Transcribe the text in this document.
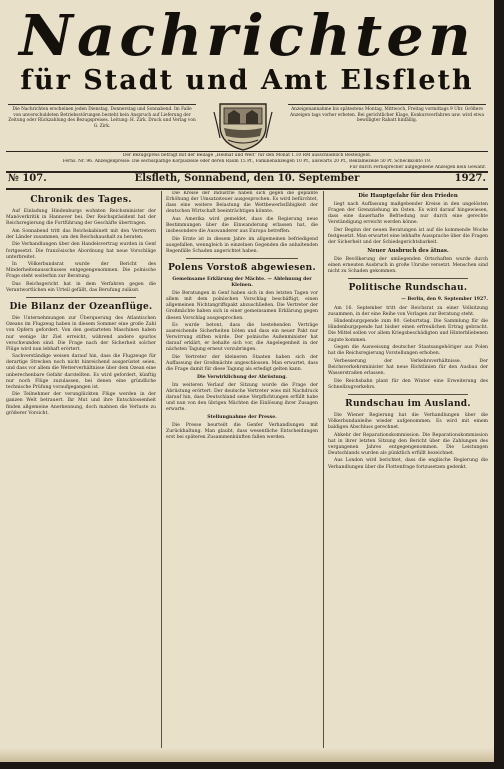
Nachrichten
für Stadt und Amt Elsfleth
Die Nachrichten erscheinen jeden Dienstag, Donnerstag und Sonnabend. Im Falle von unverschuldeten Betriebsstörungen besteht kein Anspruch auf Lieferung der Zeitung oder Rückzahlung des Bezugspreises. Leitung: H. Zirk. Druck und Verlag von G. Zirk.
Anzeigenannahme bis spätestens Montag, Mittwoch, Freitag vormittags 9 Uhr. Größere Anzeigen tags vorher erbeten. Bei gerichtlicher Klage, Konkursverfahren usw. wird etwa bewilligter Rabatt hinfällig.
Der Bezugspreis beträgt mit der Beilage „Heimat und Welt“ für den Monat 1.10 RM ausschließlich Bestellgeld.
Ferns. Nr. 96. Anzeigenpreise: Die sechsspaltige Korpuszeile oder deren Raum 15 Pf., Familienanzeigen 10 Pf., auswärts 20 Pf., Reklamezeile 50 Pf. Scheckkonto 19.
Für durch Fernsprecher aufgegebene Anzeigen kein Gewähr.
№ 107.	Elsfleth, Sonnabend, den 10. September	1927.
Chronik des Tages.

Auf Einladung Hindenburgs wohnten Reichsminister der Manöverkritik in Hannover bei. Der Reichspräsident hat der Reichsregierung die Fortführung der Geschäfte übertragen.

Am Sonnabend tritt das Reichskabinett mit den Vertretern der Länder zusammen, um den Reichshaushalt zu beraten.

Die Verhandlungen über den Handelsvertrag wurden in Genf fortgesetzt. Die französische Abordnung hat neue Vorschläge unterbreitet.

In Völkerbundsrat wurde der Bericht des Minderheitenausschusses entgegengenommen. Die polnische Frage steht weiterhin zur Beratung.

Das Reichsgericht hat in dem Verfahren gegen die Verantwortlichen ein Urteil gefällt, das Berufung zulässt.

Die Bilanz der Ozeanflüge.

Die Unternehmungen zur Überquerung des Atlantischen Ozeans im Flugzeug haben in diesem Sommer eine große Zahl von Opfern gefordert. Von den gestarteten Maschinen haben nur wenige ihr Ziel erreicht, während andere spurlos verschwunden sind. Die Frage nach der Sicherheit solcher Flüge wird nun lebhaft erörtert.

Sachverständige weisen darauf hin, dass die Flugzeuge für derartige Strecken noch nicht hinreichend ausgerüstet seien, und dass vor allem die Wetterverhältnisse über dem Ozean eine unberechenbare Gefahr darstellten. Es wird gefordert, künftig nur noch Flüge zuzulassen, bei denen eine gründliche technische Prüfung voraufgegangen ist.

Die Teilnehmer der verunglückten Flüge werden in der ganzen Welt betrauert. Ihr Mut und ihre Entschlossenheit finden allgemeine Anerkennung, doch mahnen die Verluste zu größerer Vorsicht.

Die Kreise der Industrie haben sich gegen die geplante Erhöhung der Umsatzsteuer ausgesprochen. Es wird befürchtet, dass eine weitere Belastung die Wettbewerbsfähigkeit der deutschen Wirtschaft beeinträchtigen könnte.

Aus Amerika wird gemeldet, dass die Regierung neue Bestimmungen über die Einwanderung erlassen hat, die insbesondere die Auswanderer aus Europa betreffen.

Die Ernte ist in diesem Jahre im allgemeinen befriedigend ausgefallen, wenngleich in einzelnen Gegenden die anhaltenden Regenfälle Schaden angerichtet haben.

Polens Vorstoß abgewiesen.
Gemeinsame Erklärung der Mächte. — Ablehnung der Kleinen.

Die Beratungen in Genf haben sich in den letzten Tagen vor allem mit dem polnischen Vorschlag beschäftigt, einen allgemeinen Nichtangriffspakt abzuschließen. Die Vertreter der Großmächte haben sich in einer gemeinsamen Erklärung gegen diesen Vorschlag ausgesprochen.

Es wurde betont, dass die bestehenden Verträge ausreichende Sicherheiten böten und dass ein neuer Pakt nur Verwirrung stiften würde. Der polnische Außenminister hat darauf erklärt, er behalte sich vor, die Angelegenheit in der nächsten Tagung erneut vorzubringen.

Die Vertreter der kleineren Staaten haben sich der Auffassung der Großmächte angeschlossen. Man erwartet, dass die Frage damit für diese Tagung als erledigt gelten kann.

Die Verwirklichung der Abrüstung.

Im weiteren Verlauf der Sitzung wurde die Frage der Abrüstung erörtert. Der deutsche Vertreter wies mit Nachdruck darauf hin, dass Deutschland seine Verpflichtungen erfüllt habe und nun von den übrigen Mächten die Einlösung ihrer Zusagen erwarte.

Stellungnahme der Presse.

Die Presse beurteilt die Genfer Verhandlungen mit Zurückhaltung. Man glaubt, dass wesentliche Entscheidungen erst bei späteren Zusammenkünften fallen werden.

Die Hauptgefahr für den Frieden

liegt nach Auffassung maßgebender Kreise in den ungelösten Fragen der Grenzziehung im Osten. Es wird darauf hingewiesen, dass eine dauerhafte Befriedung nur durch eine gerechte Verständigung erreicht werden könne.

Der Beginn der neuen Beratungen ist auf die kommende Woche festgesetzt. Man erwartet eine lebhafte Aussprache über die Fragen der Sicherheit und der Schiedsgerichtsbarkeit.

Neuer Ausbruch des ätnas.

Die Bevölkerung der umliegenden Ortschaften wurde durch einen erneuten Ausbruch in große Unruhe versetzt. Menschen sind nicht zu Schaden gekommen.

Politische Rundschau.
— Berlin, den 9. September 1927.

Am 16. September tritt der Reichsrat zu einer Vollsitzung zusammen, in der eine Reihe von Vorlagen zur Beratung steht.

Hindenburgspende zum 80. Geburtstag. Die Sammlung für die Hindenburgspende hat bisher einen erfreulichen Ertrag gebracht. Die Mittel sollen vor allem Kriegsbeschädigten und Hinterbliebenen zugute kommen.

Gegen die Ausweisung deutscher Staatsangehöriger aus Polen hat die Reichsregierung Vorstellungen erhoben.

Verbesserung der Verkehrsverhältnisse. Der Reichsverkehrsminister hat neue Richtlinien für den Ausbau der Wasserstraßen erlassen.

Die Reichsbahn plant für den Winter eine Erweiterung des Schnellzugverkehrs.

Rundschau im Ausland.

Die Wiener Regierung hat die Verhandlungen über die Völkerbundanleihe wieder aufgenommen. Es wird mit einem baldigen Abschluss gerechnet.

Abkehr der Reparationskommission. Die Reparationskommission hat in ihrer letzten Sitzung den Bericht über die Zahlungen des vergangenen Jahres entgegengenommen. Die Leistungen Deutschlands wurden als pünktlich erfüllt bezeichnet.

Aus London wird berichtet, dass die englische Regierung die Verhandlungen über die Flottenfrage fortzusetzen gedenkt.
